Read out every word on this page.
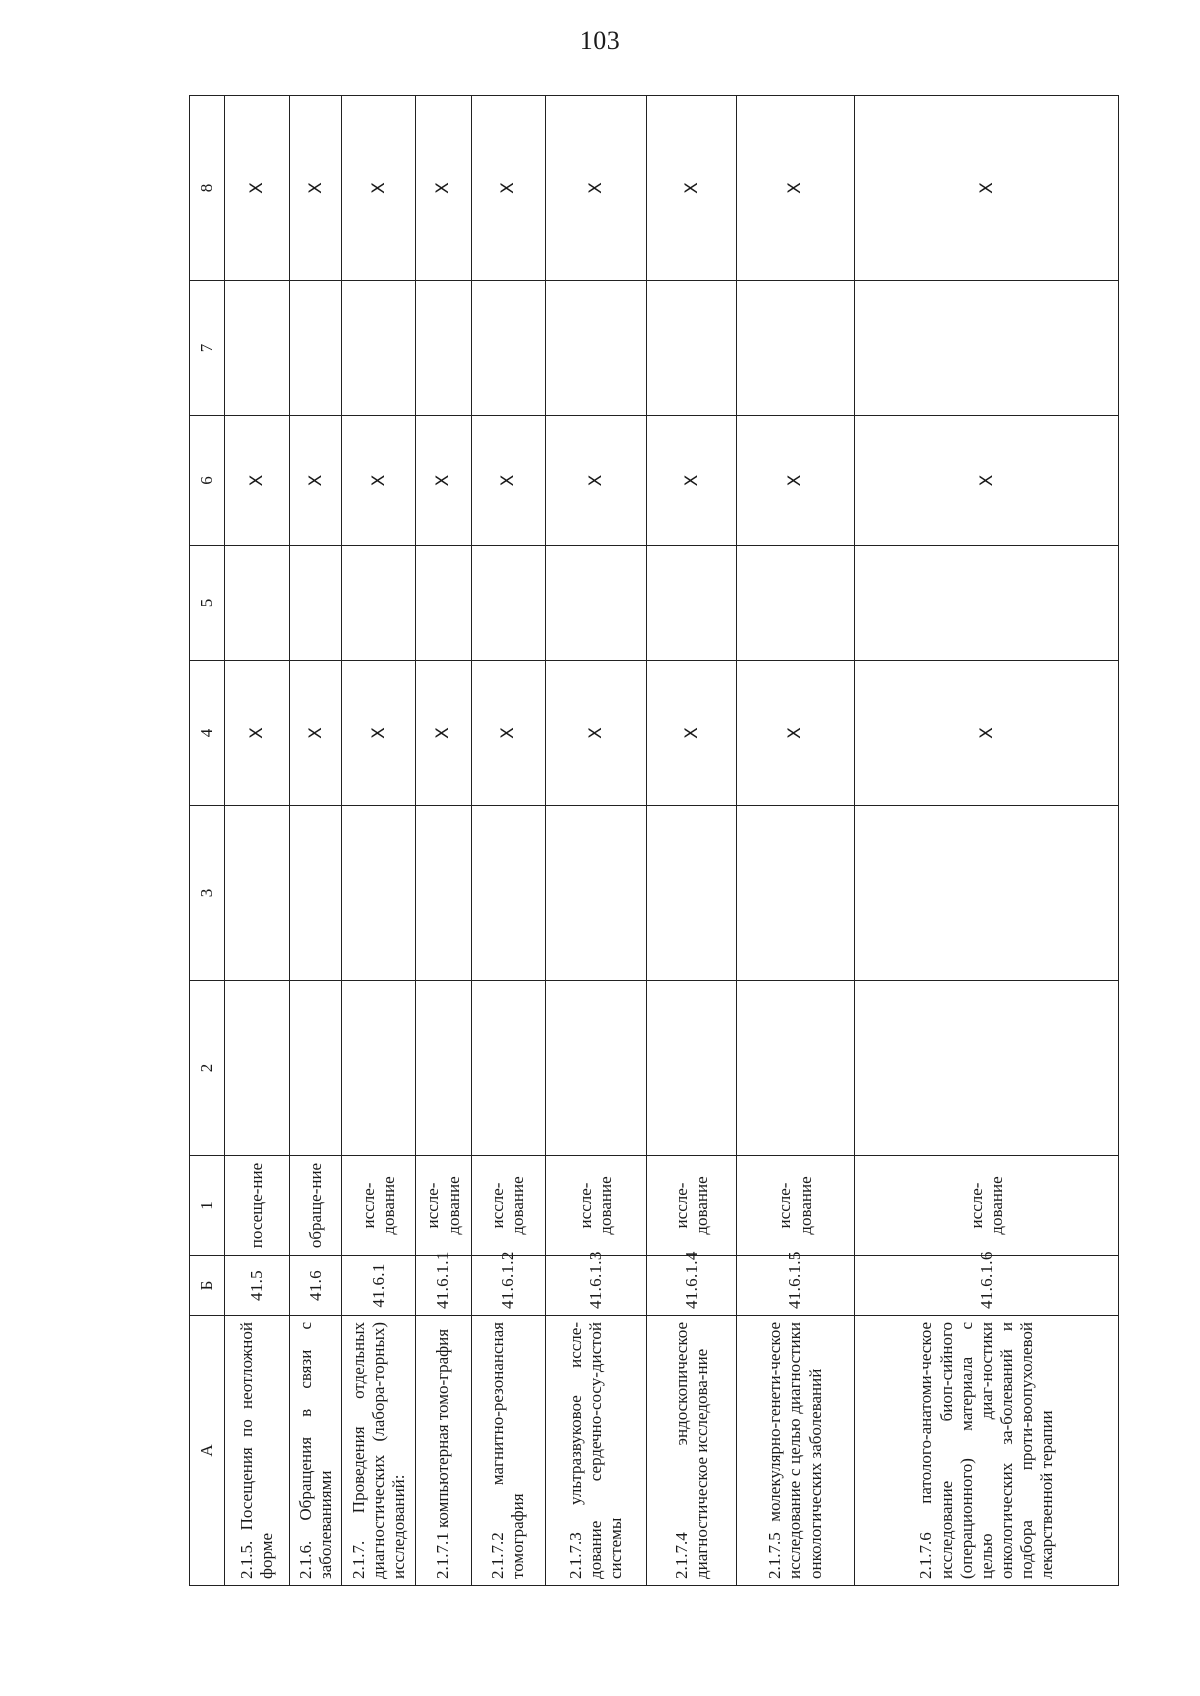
103
А	Б	1	2	3	4	5	6	7	8
2.1.5. Посещения по неотложной форме	41.5	посеще-ние			X		X		X
2.1.6. Обращения в связи с заболеваниями	41.6	обраще-ние			X		X		X
2.1.7. Проведения отдельных диагностических (лабора-торных) исследований:	41.6.1	иссле-дование			X		X		X
2.1.7.1 компьютерная томо-графия	41.6.1.1	иссле-дование			X		X		X
2.1.7.2 магнитно-резонансная томография	41.6.1.2	иссле-дование			X		X		X
2.1.7.3 ультразвуковое иссле-дование сердечно-сосу-дистой системы	41.6.1.3	иссле-дование			X		X		X
2.1.7.4 эндоскопическое диагностическое исследова-ние	41.6.1.4	иссле-дование			X		X		X
2.1.7.5 молекулярно-генети-ческое исследование с целью диагностики онкологических заболеваний	41.6.1.5	иссле-дование			X		X		X
2.1.7.6 патолого-анатоми-ческое исследование биоп-сийного (операционного) материала с целью диаг-ностики онкологических за-болеваний и подбора проти-воопухолевой лекарственной терапии	41.6.1.6	иссле-дование			X		X		X
